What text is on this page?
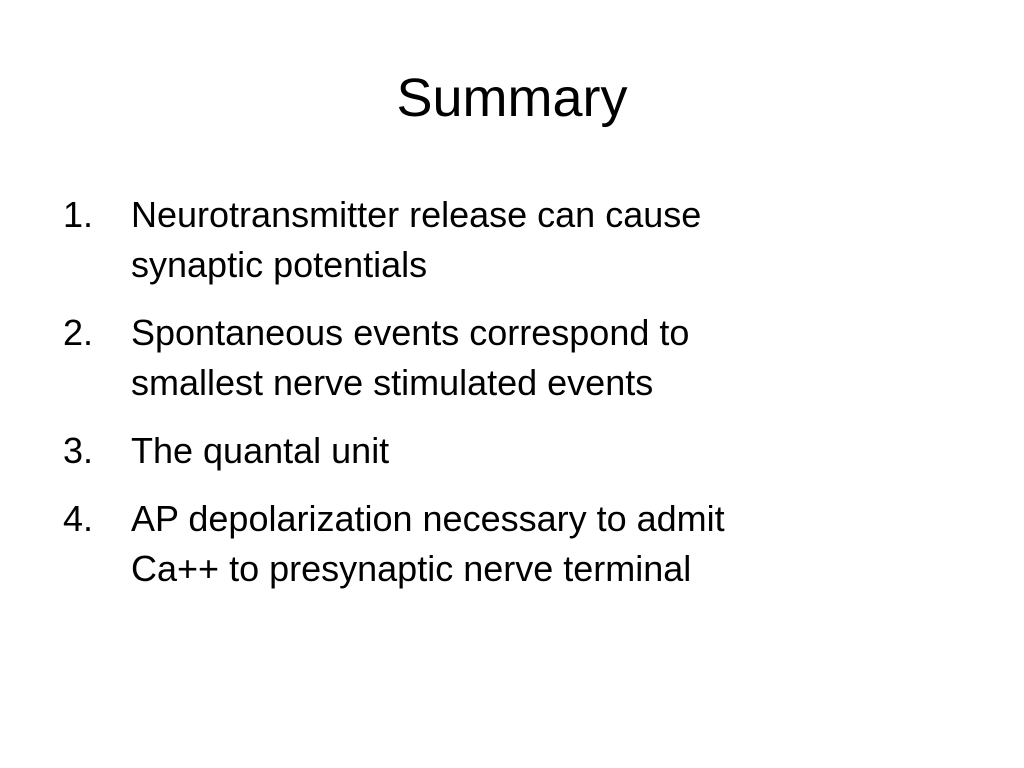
Summary
1.	Neurotransmitter release can cause
synaptic potentials
2.	Spontaneous events correspond to
smallest nerve stimulated events
3.	The quantal unit
4.	AP depolarization necessary to admit
Ca++ to presynaptic nerve terminal
